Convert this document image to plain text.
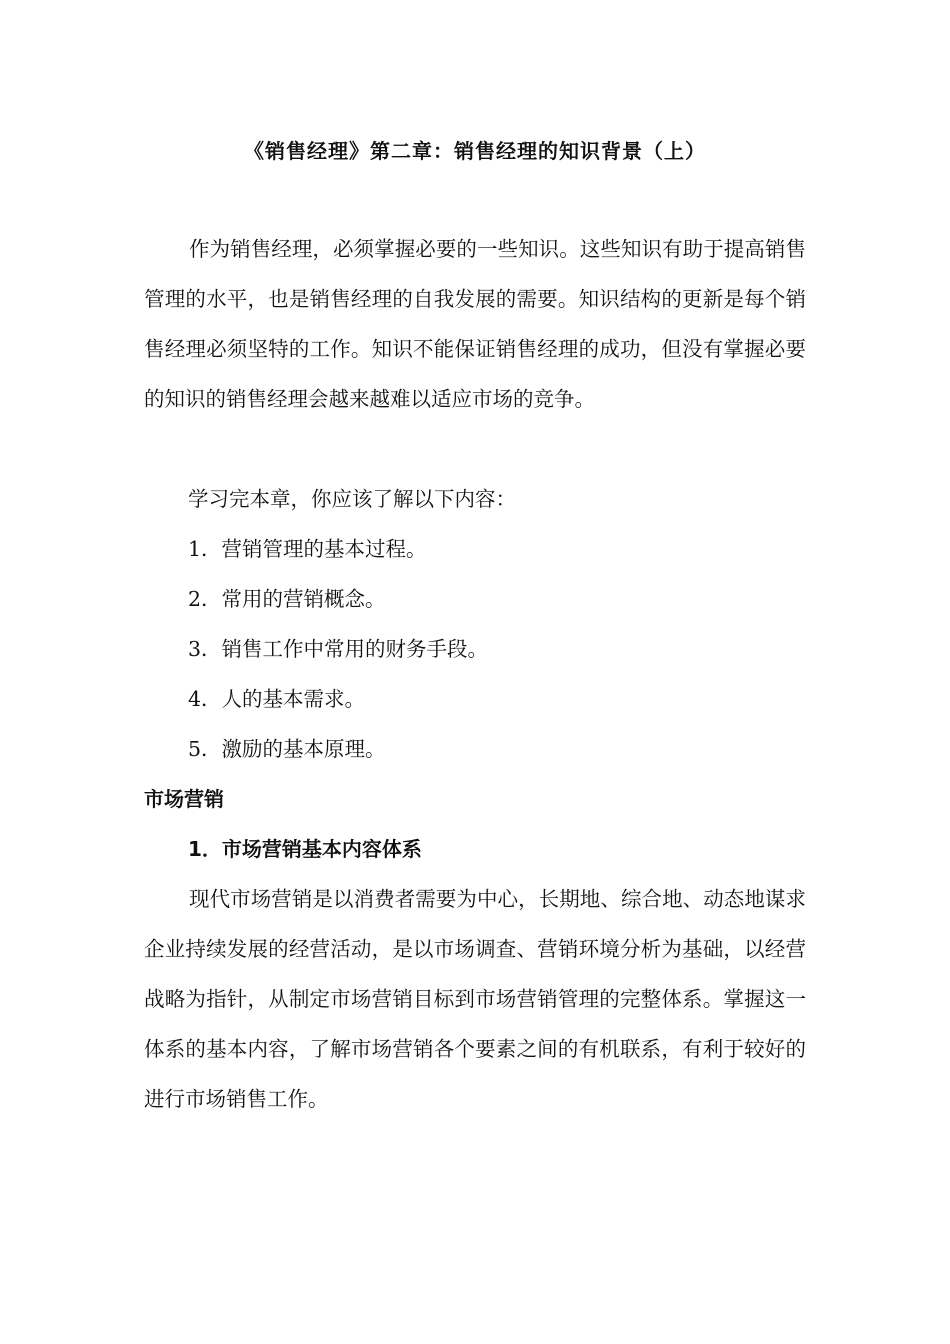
《销售经理》第二章：销售经理的知识背景（上）

作为销售经理，必须掌握必要的一些知识。这些知识有助于提高销售管理的水平，也是销售经理的自我发展的需要。知识结构的更新是每个销售经理必须坚特的工作。知识不能保证销售经理的成功，但没有掌握必要的知识的销售经理会越来越难以适应市场的竞争。

学习完本章，你应该了解以下内容：

1．营销管理的基本过程。

2．常用的营销概念。

3．销售工作中常用的财务手段。

4．人的基本需求。

5．激励的基本原理。

市场营销

1．市场营销基本内容体系

现代市场营销是以消费者需要为中心，长期地、综合地、动态地谋求企业持续发展的经营活动，是以市场调查、营销环境分析为基础，以经营战略为指针，从制定市场营销目标到市场营销管理的完整体系。掌握这一体系的基本内容，了解市场营销各个要素之间的有机联系，有利于较好的进行市场销售工作。
